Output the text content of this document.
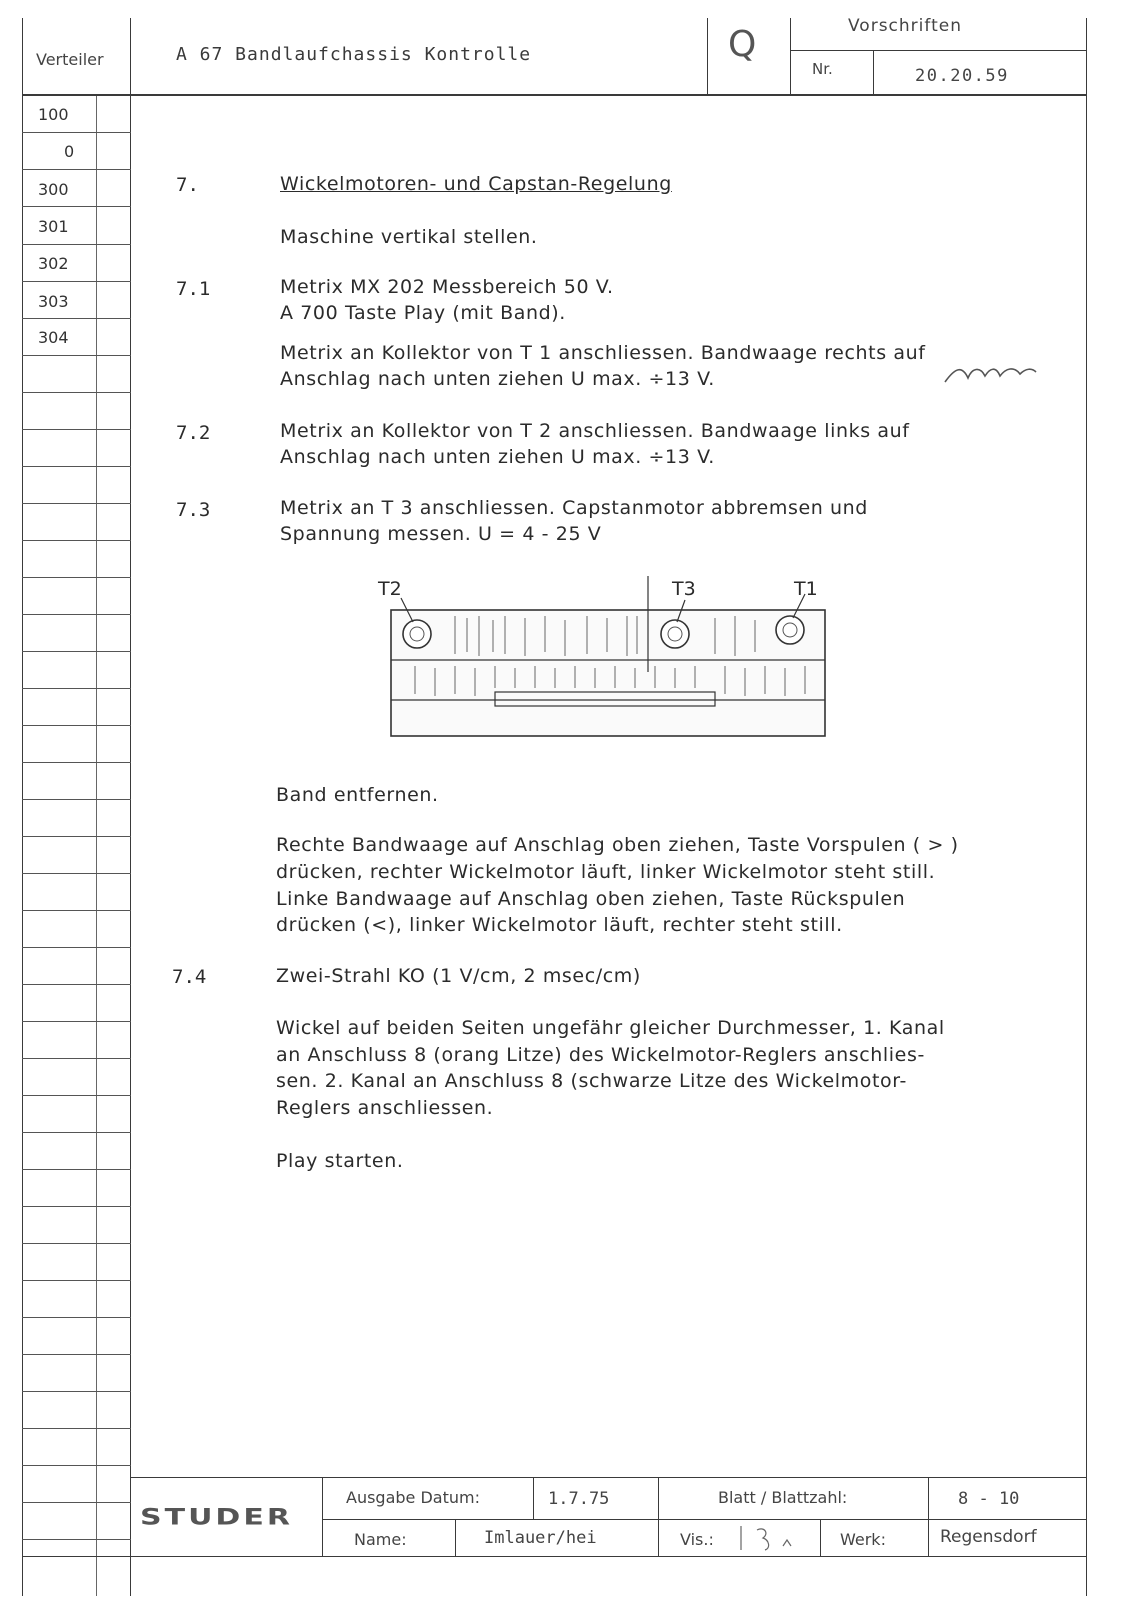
Verteiler	A 67 Bandlaufchassis Kontrolle	Q	Vorschriften
Nr.	20.20.59
100
0
300
301
302
303
304
7.	Wickelmotoren- und Capstan-Regelung
Maschine vertikal stellen.
7.1	Metrix MX 202 Messbereich 50 V.
A 700 Taste Play (mit Band).
Metrix an Kollektor von T 1 anschliessen. Bandwaage rechts auf
Anschlag nach unten ziehen U max. ÷13 V.
7.2	Metrix an Kollektor von T 2 anschliessen. Bandwaage links auf
Anschlag nach unten ziehen U max. ÷13 V.
7.3	Metrix an T 3 anschliessen. Capstanmotor abbremsen und
Spannung messen. U = 4 - 25 V
T2	T3	T1
Band entfernen.
Rechte Bandwaage auf Anschlag oben ziehen, Taste Vorspulen ( > )
drücken, rechter Wickelmotor läuft, linker Wickelmotor steht still.
Linke Bandwaage auf Anschlag oben ziehen, Taste Rückspulen
drücken (<), linker Wickelmotor läuft, rechter steht still.
7.4	Zwei-Strahl KO (1 V/cm, 2 msec/cm)
Wickel auf beiden Seiten ungefähr gleicher Durchmesser, 1. Kanal
an Anschluss 8 (orang Litze) des Wickelmotor-Reglers anschlies-
sen. 2. Kanal an Anschluss 8 (schwarze Litze des Wickelmotor-
Reglers anschliessen.
Play starten.
STUDER
Ausgabe Datum:	1.7.75	Blatt / Blattzahl:	8 - 10
Name:	Imlauer/hei	Vis.:	Werk:	Regensdorf
